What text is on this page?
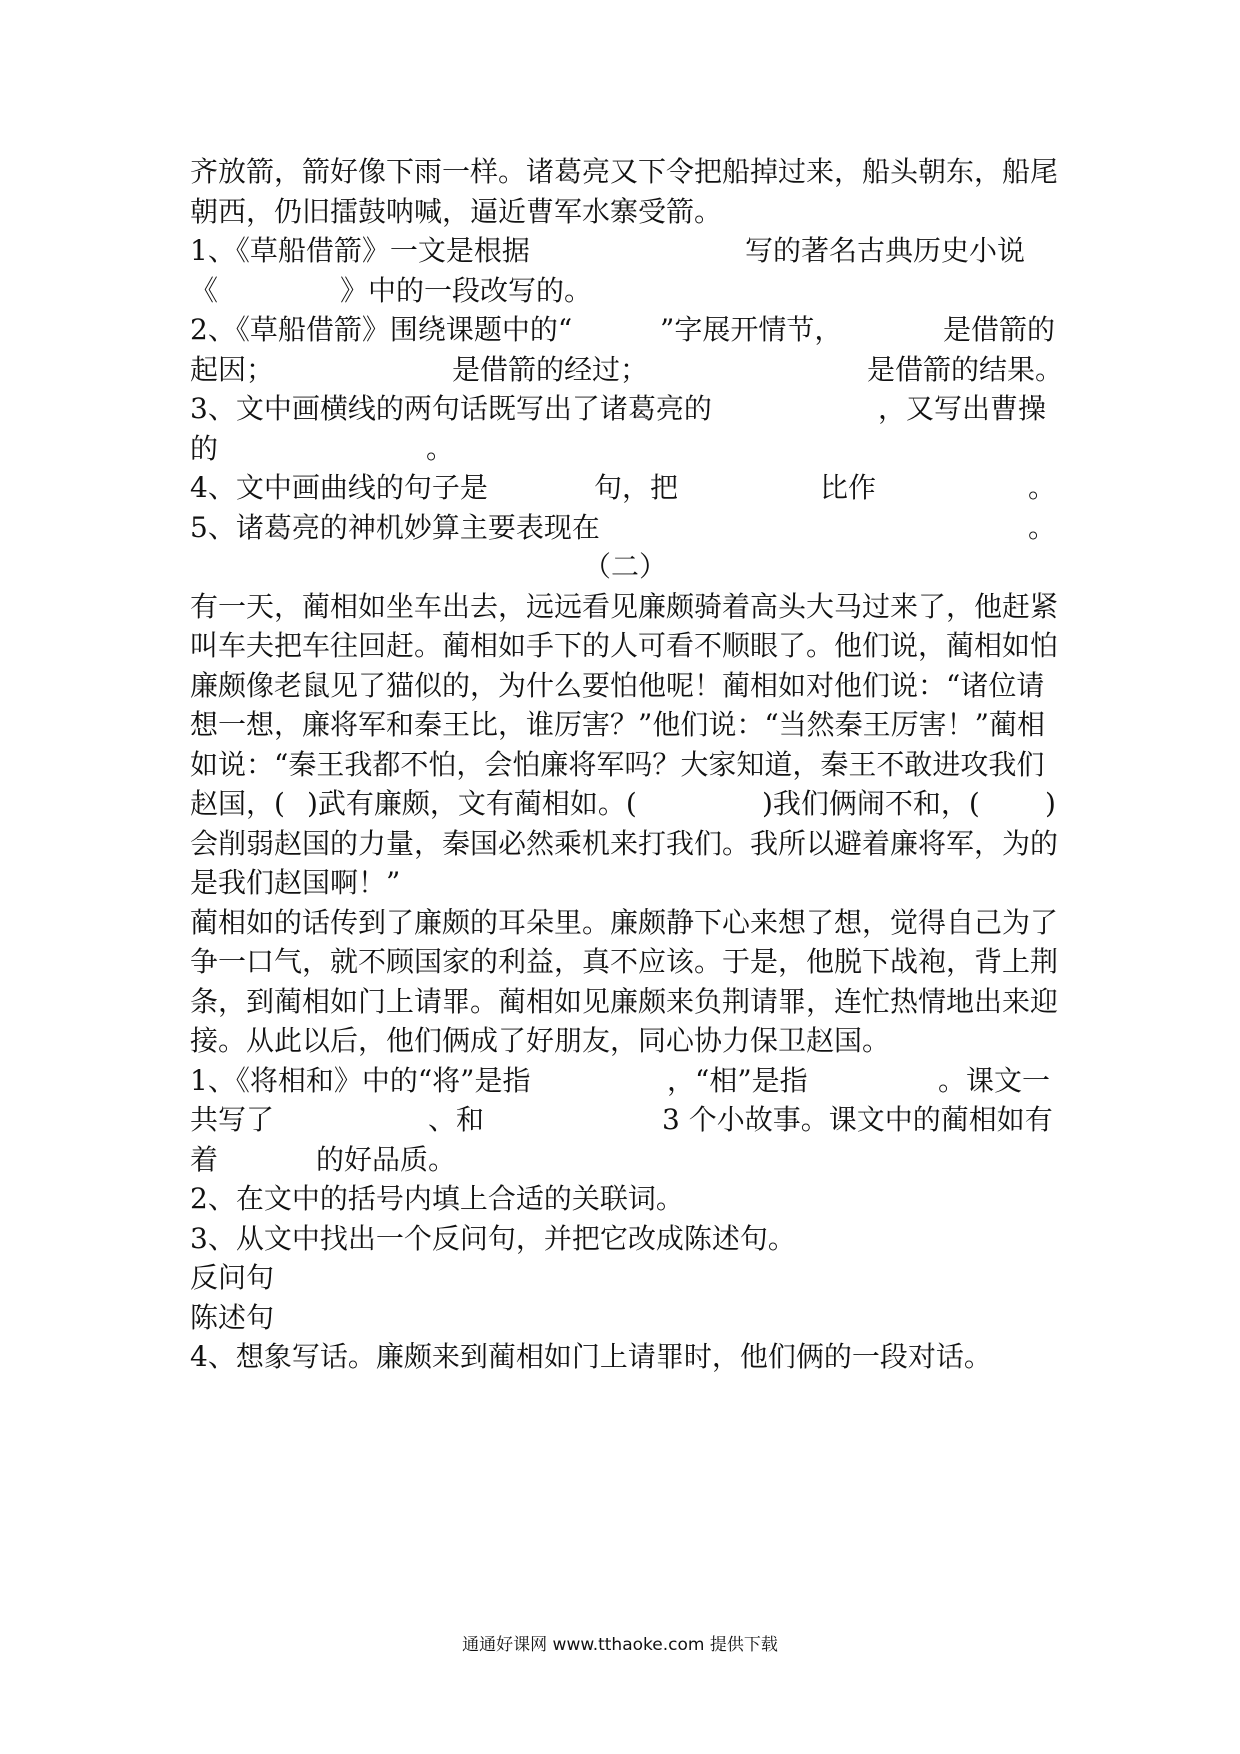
齐放箭，箭好像下雨一样。诸葛亮又下令把船掉过来，船头朝东，船尾
朝西，仍旧擂鼓呐喊，逼近曹军水寨受箭。
1、《草船借箭》一文是根据	写的著名古典历史小说
《	》中的一段改写的。
2、《草船借箭》围绕课题中的“	”字展开情节，	是借箭的
起因；	是借箭的经过；	是借箭的结果。
3、文中画横线的两句话既写出了诸葛亮的	，又写出曹操
的	。
4、文中画曲线的句子是	句，把	比作	。
5、诸葛亮的神机妙算主要表现在	。
（二）
有一天，蔺相如坐车出去，远远看见廉颇骑着高头大马过来了，他赶紧
叫车夫把车往回赶。蔺相如手下的人可看不顺眼了。他们说，蔺相如怕
廉颇像老鼠见了猫似的，为什么要怕他呢！蔺相如对他们说：“诸位请
想一想，廉将军和秦王比，谁厉害？”他们说：“当然秦王厉害！”蔺相
如说：“秦王我都不怕，会怕廉将军吗？大家知道，秦王不敢进攻我们
赵国，( )武有廉颇，文有蔺相如。(	)我们俩闹不和，( )
会削弱赵国的力量，秦国必然乘机来打我们。我所以避着廉将军，为的
是我们赵国啊！”
蔺相如的话传到了廉颇的耳朵里。廉颇静下心来想了想，觉得自己为了
争一口气，就不顾国家的利益，真不应该。于是，他脱下战袍，背上荆
条，到蔺相如门上请罪。蔺相如见廉颇来负荆请罪，连忙热情地出来迎
接。从此以后，他们俩成了好朋友，同心协力保卫赵国。
1、《将相和》中的“将”是指	，“相”是指	。课文一
共写了	、和	3 个小故事。课文中的蔺相如有
着	的好品质。
2、在文中的括号内填上合适的关联词。
3、从文中找出一个反问句，并把它改成陈述句。
反问句
陈述句
4、想象写话。廉颇来到蔺相如门上请罪时，他们俩的一段对话。
通通好课网 www.tthaoke.com 提供下载
